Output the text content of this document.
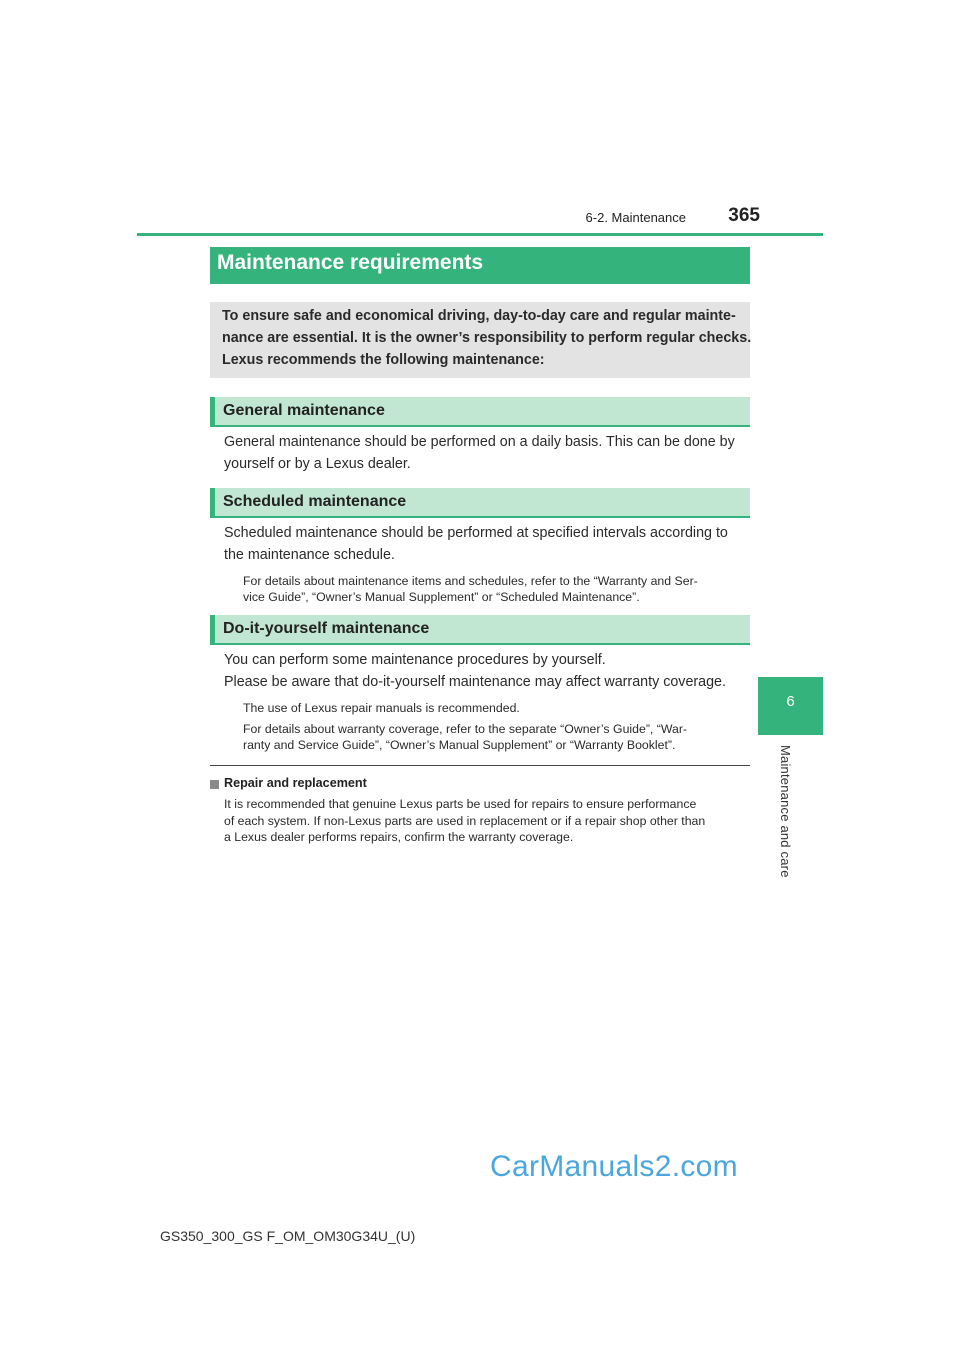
6-2. Maintenance	365
6
Maintenance and care
Maintenance requirements
To ensure safe and economical driving, day-to-day care and regular mainte-
nance are essential. It is the owner’s responsibility to perform regular checks.
Lexus recommends the following maintenance:
General maintenance
General maintenance should be performed on a daily basis. This can be done by
yourself or by a Lexus dealer.
Scheduled maintenance
Scheduled maintenance should be performed at specified intervals according to
the maintenance schedule.
For details about maintenance items and schedules, refer to the “Warranty and Ser-
vice Guide”, “Owner’s Manual Supplement” or “Scheduled Maintenance”.
Do-it-yourself maintenance
You can perform some maintenance procedures by yourself.
Please be aware that do-it-yourself maintenance may affect warranty coverage.
The use of Lexus repair manuals is recommended.
For details about warranty coverage, refer to the separate “Owner’s Guide”, “War-
ranty and Service Guide”, “Owner’s Manual Supplement” or “Warranty Booklet”.
Repair and replacement
It is recommended that genuine Lexus parts be used for repairs to ensure performance
of each system. If non-Lexus parts are used in replacement or if a repair shop other than
a Lexus dealer performs repairs, confirm the warranty coverage.
CarManuals2.com
GS350_300_GS F_OM_OM30G34U_(U)
